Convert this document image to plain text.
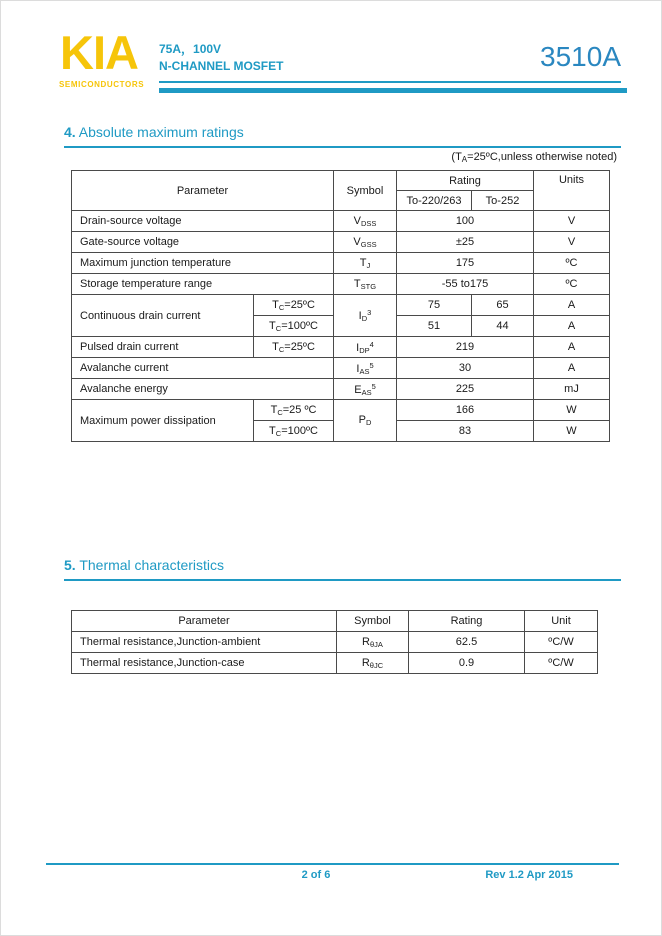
KIA
SEMICONDUCTORS
75A，100V
N-CHANNEL MOSFET	3510A
4. Absolute maximum ratings
(TA=25ºC,unless otherwise noted)
Parameter		Symbol	Rating		Units
			To-220/263	To-252	
Drain-source voltage		VDSS	100		V
Gate-source voltage		VGSS	±25		V
Maximum junction temperature		TJ	175		ºC
Storage temperature range		TSTG	-55 to175		ºC
Continuous drain current	TC=25ºC	$ID^3$	75	65	A
	TC=100ºC		51	44	A
Pulsed drain current	TC=25ºC	IDP$^4$	219		A
Avalanche current		IAS$^5$	30		A
Avalanche energy		EAS$^5$	225		mJ
Maximum power dissipation	TC=25 ºC	PD	166		W
	TC=100ºC		83		W
5. Thermal characteristics
Parameter	Symbol	Rating	Unit
Thermal resistance,Junction-ambient	RθJA	62.5	ºC/W
Thermal resistance,Junction-case	RθJC	0.9	ºC/W
2 of 6	Rev 1.2 Apr 2015
